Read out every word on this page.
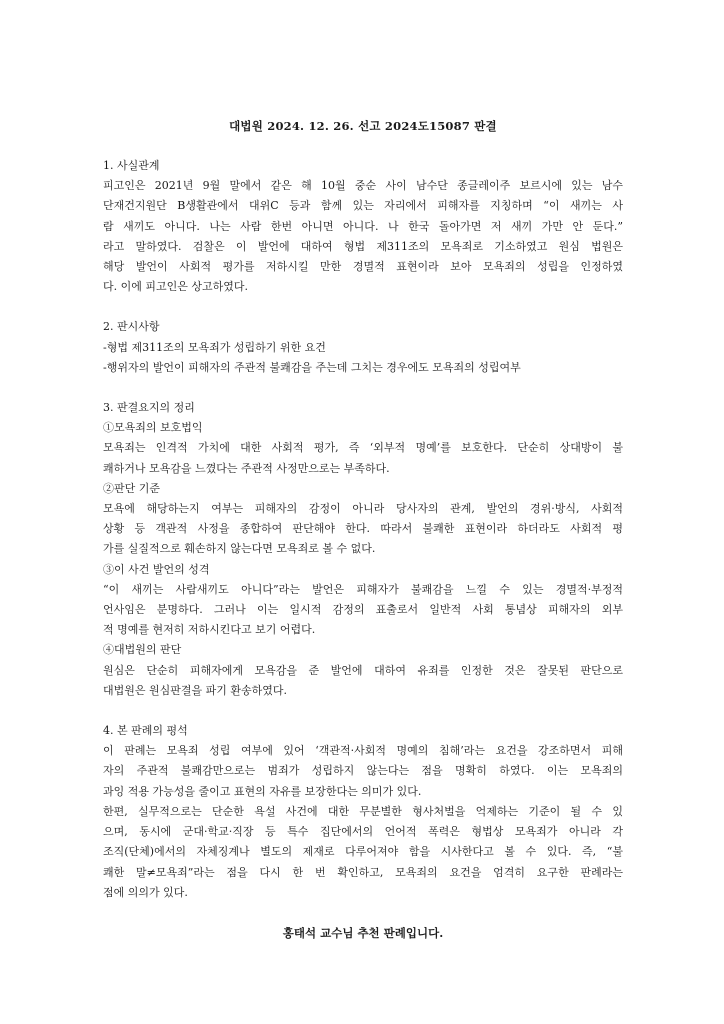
대법원 2024. 12. 26. 선고 2024도15087 판결

1. 사실관계

피고인은 2021년 9월 말에서 같은 해 10월 중순 사이 남수단 종글레이주 보르시에 있는 남수

단재건지원단 B생활관에서 대위C 등과 함께 있는 자리에서 피해자를 지칭하며 “이 새끼는 사

람 새끼도 아니다. 나는 사람 한번 아니면 아니다. 나 한국 돌아가면 저 새끼 가만 안 둔다.”

라고 말하였다. 검찰은 이 발언에 대하여 형법 제311조의 모욕죄로 기소하였고 원심 법원은

해당 발언이 사회적 평가를 저하시킬 만한 경멸적 표현이라 보아 모욕죄의 성립을 인정하였

다. 이에 피고인은 상고하였다.

2. 판시사항

-형법 제311조의 모욕죄가 성립하기 위한 요건

-행위자의 발언이 피해자의 주관적 불쾌감을 주는데 그치는 경우에도 모욕죄의 성립여부

3. 판결요지의 정리

①모욕죄의 보호법익

모욕죄는 인격적 가치에 대한 사회적 평가, 즉 ‘외부적 명예’를 보호한다. 단순히 상대방이 불

쾌하거나 모욕감을 느꼈다는 주관적 사정만으로는 부족하다.

②판단 기준

모욕에 해당하는지 여부는 피해자의 감정이 아니라 당사자의 관계, 발언의 경위·방식, 사회적

상황 등 객관적 사정을 종합하여 판단해야 한다. 따라서 불쾌한 표현이라 하더라도 사회적 평

가를 실질적으로 훼손하지 않는다면 모욕죄로 볼 수 없다.

③이 사건 발언의 성격

“이 새끼는 사람새끼도 아니다”라는 발언은 피해자가 불쾌감을 느낄 수 있는 경멸적·부정적

언사임은 분명하다. 그러나 이는 일시적 감정의 표출로서 일반적 사회 통념상 피해자의 외부

적 명예를 현저히 저하시킨다고 보기 어렵다.

④대법원의 판단

원심은 단순히 피해자에게 모욕감을 준 발언에 대하여 유죄를 인정한 것은 잘못된 판단으로

대법원은 원심판결을 파기 환송하였다.

4. 본 판례의 평석

이 판례는 모욕죄 성립 여부에 있어 ‘객관적·사회적 명예의 침해’라는 요건을 강조하면서 피해

자의 주관적 불쾌감만으로는 범죄가 성립하지 않는다는 점을 명확히 하였다. 이는 모욕죄의

과잉 적용 가능성을 줄이고 표현의 자유를 보장한다는 의미가 있다.

한편, 실무적으로는 단순한 욕설 사건에 대한 무분별한 형사처벌을 억제하는 기준이 될 수 있

으며, 동시에 군대·학교·직장 등 특수 집단에서의 언어적 폭력은 형법상 모욕죄가 아니라 각

조직(단체)에서의 자체징계나 별도의 제재로 다루어져야 함을 시사한다고 볼 수 있다. 즉, “불

쾌한 말≠모욕죄”라는 점을 다시 한 번 확인하고, 모욕죄의 요건을 엄격히 요구한 판례라는

점에 의의가 있다.

홍태석 교수님 추천 판례입니다.
